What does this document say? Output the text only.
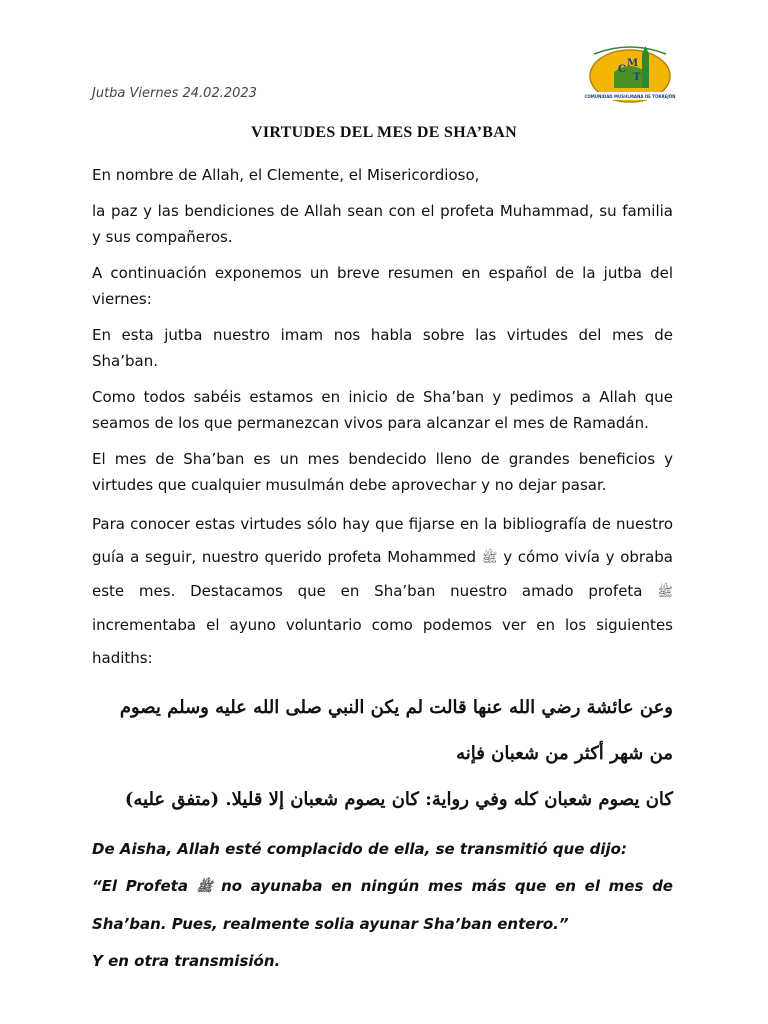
Jutba Viernes 24.02.2023
C
M
T
COMUNIDAD MUSULMANA DE TORREJÓN
VIRTUDES DEL MES DE SHA’BAN

En nombre de Allah, el Clemente, el Misericordioso,

la paz y las bendiciones de Allah sean con el profeta Muhammad, su familia y sus compañeros.

A continuación exponemos un breve resumen en español de la jutba del viernes:

En esta jutba nuestro imam nos habla sobre las virtudes del mes de Sha’ban.

Como todos sabéis estamos en inicio de Sha’ban y pedimos a Allah que seamos de los que permanezcan vivos para alcanzar el mes de Ramadán.

El mes de Sha’ban es un mes bendecido lleno de grandes beneficios y virtudes que cualquier musulmán debe aprovechar y no dejar pasar.

Para conocer estas virtudes sólo hay que fijarse en la bibliografía de nuestro guía a seguir, nuestro querido profeta Mohammed ﷺ y cómo vivía y obraba este mes. Destacamos que en Sha’ban nuestro amado profeta ﷺ incrementaba el ayuno voluntario como podemos ver en los siguientes hadiths:

وعن عائشة رضي الله عنها قالت لم يكن النبي صلى الله عليه وسلم يصوم من شهر أكثر من شعبان فإنه
كان يصوم شعبان كله وفي رواية: كان يصوم شعبان إلا قليلا. (متفق عليه)

De Aisha, Allah esté complacido de ella, se transmitió que dijo:

“El Profeta ﷺ no ayunaba en ningún mes más que en el mes de Sha’ban. Pues, realmente solia ayunar Sha’ban entero.”

Y en otra transmisión.
